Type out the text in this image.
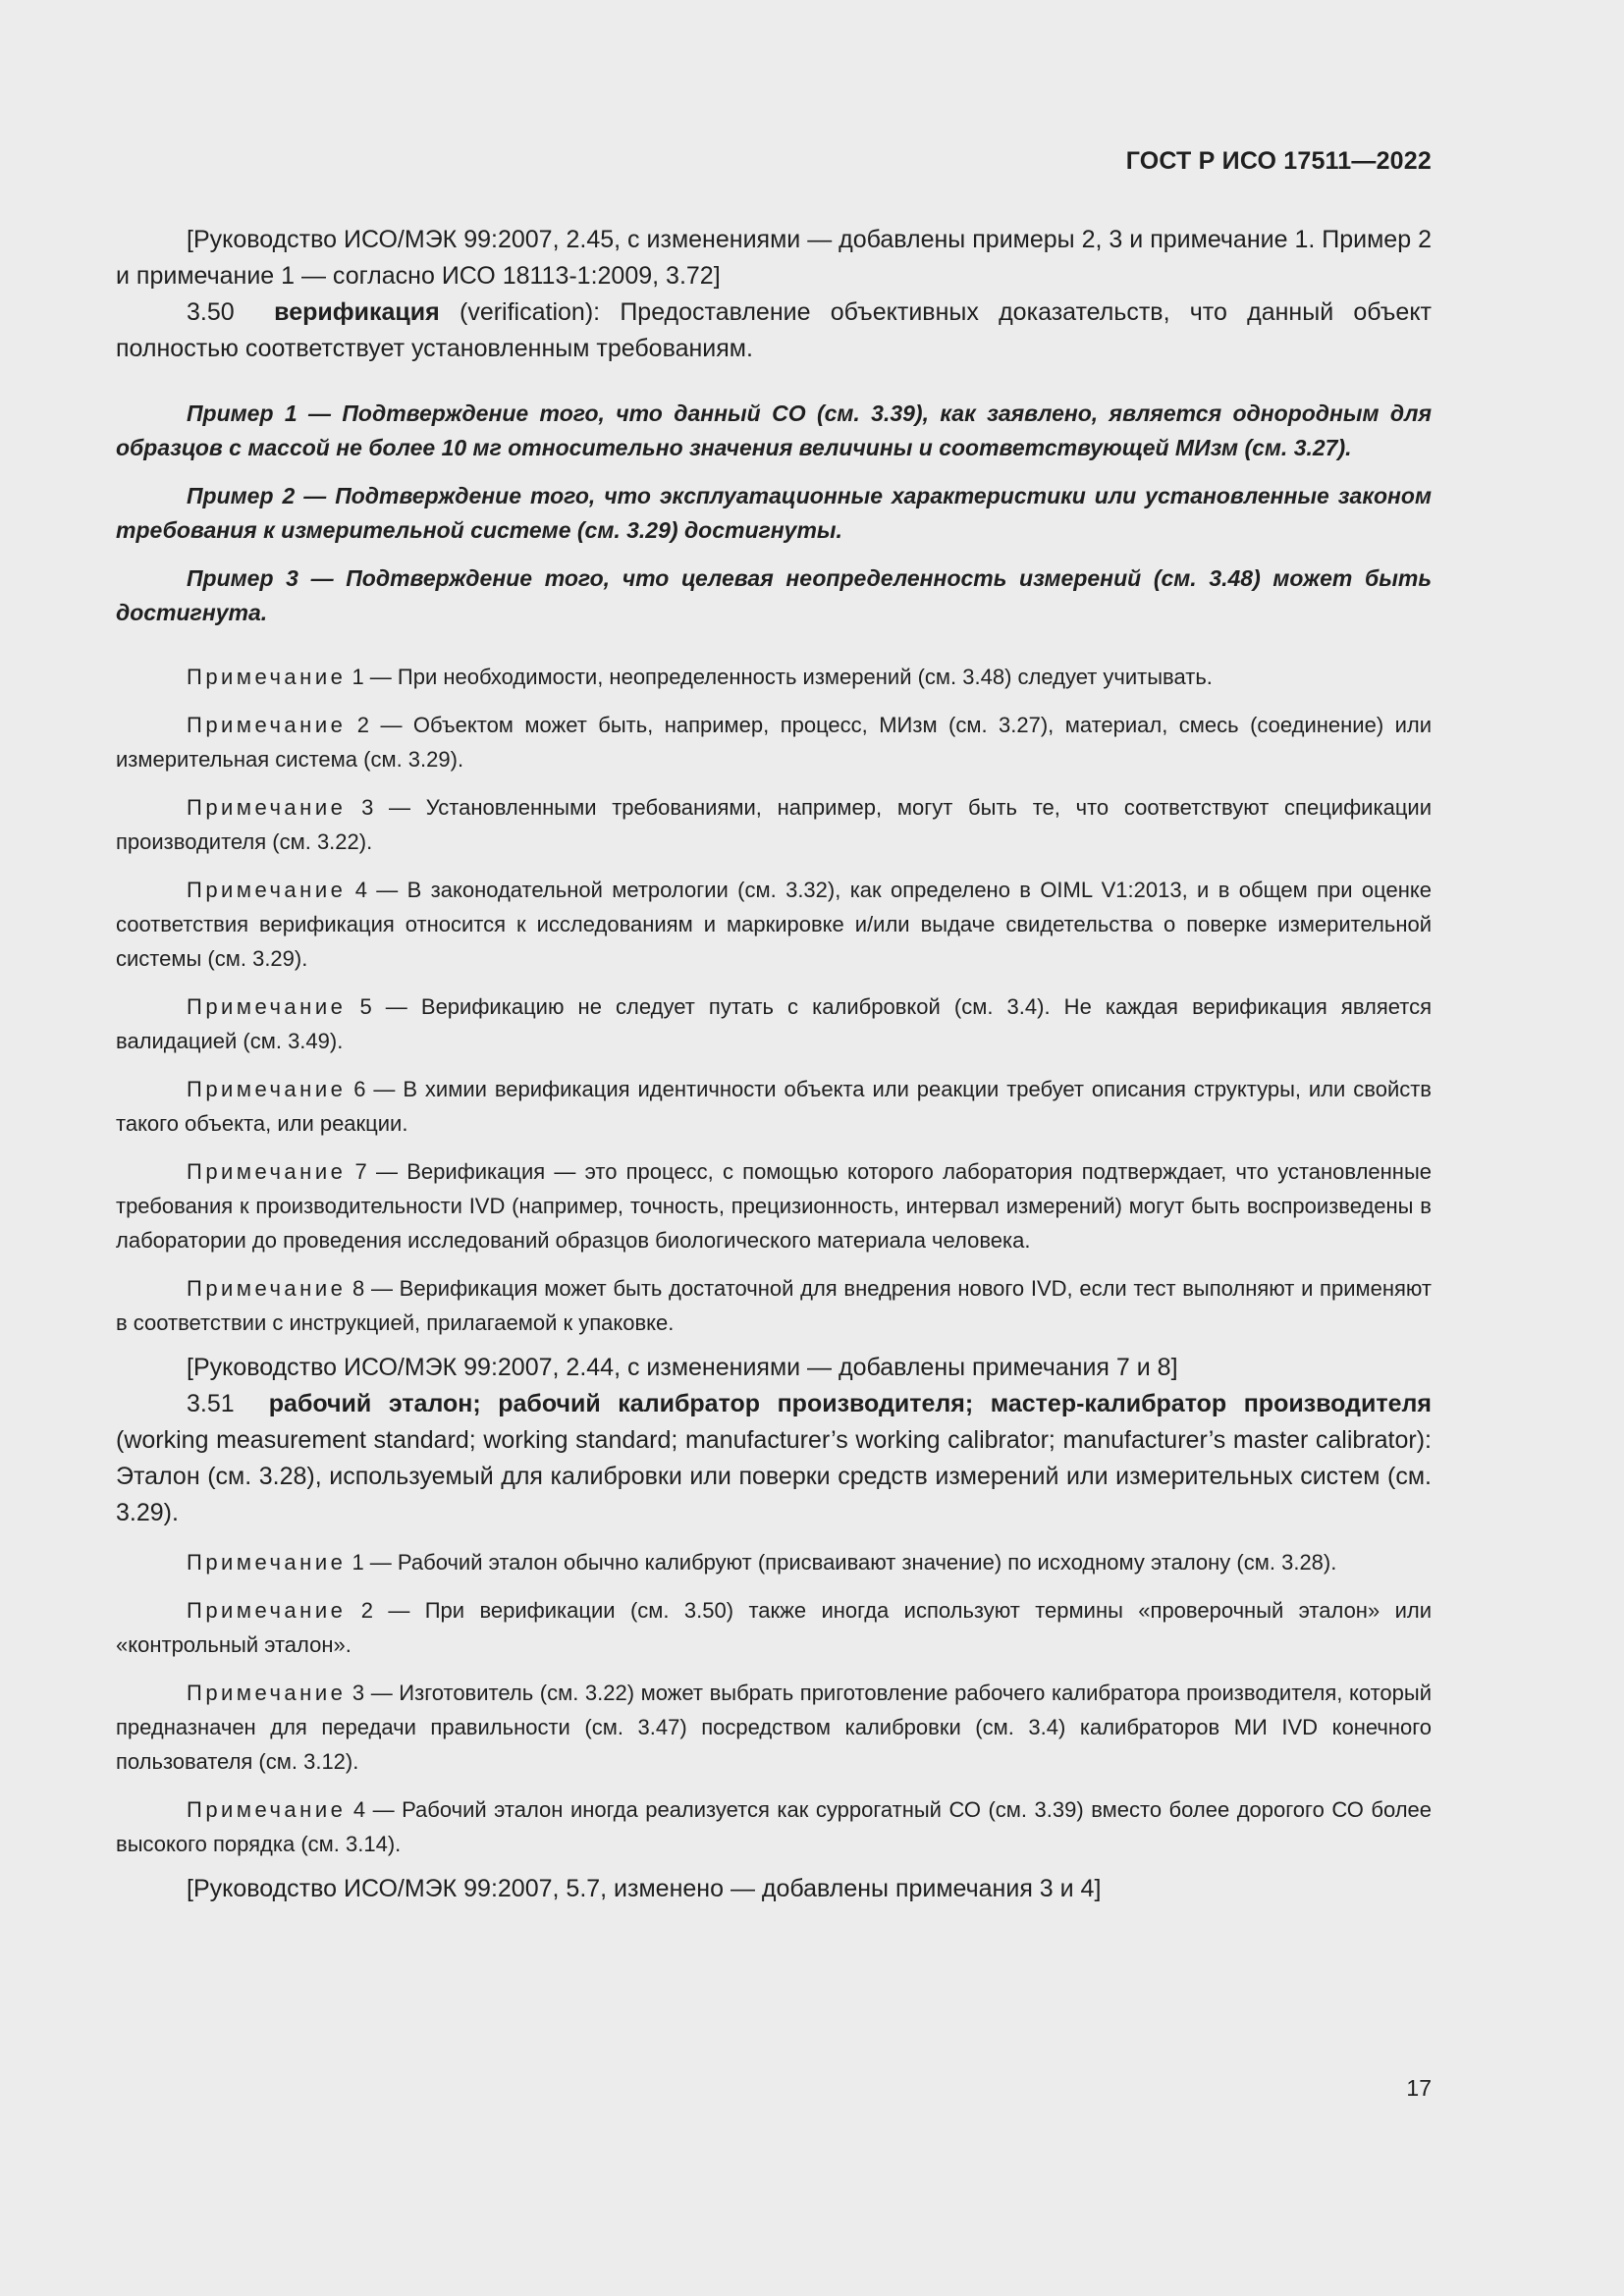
ГОСТ Р ИСО 17511—2022

[Руководство ИСО/МЭК 99:2007, 2.45, с изменениями — добавлены примеры 2, 3 и примечание 1. Пример 2 и примечание 1 — согласно ИСО 18113-1:2009, 3.72]

3.50 верификация (verification): Предоставление объективных доказательств, что данный объект полностью соответствует установленным требованиям.

Пример 1 — Подтверждение того, что данный СО (см. 3.39), как заявлено, является однородным для образцов с массой не более 10 мг относительно значения величины и соответствующей МИзм (см. 3.27).

Пример 2 — Подтверждение того, что эксплуатационные характеристики или установленные законом требования к измерительной системе (см. 3.29) достигнуты.

Пример 3 — Подтверждение того, что целевая неопределенность измерений (см. 3.48) может быть достигнута.

Примечание 1 — При необходимости, неопределенность измерений (см. 3.48) следует учитывать.

Примечание 2 — Объектом может быть, например, процесс, МИзм (см. 3.27), материал, смесь (соединение) или измерительная система (см. 3.29).

Примечание 3 — Установленными требованиями, например, могут быть те, что соответствуют спецификации производителя (см. 3.22).

Примечание 4 — В законодательной метрологии (см. 3.32), как определено в OIML V1:2013, и в общем при оценке соответствия верификация относится к исследованиям и маркировке и/или выдаче свидетельства о поверке измерительной системы (см. 3.29).

Примечание 5 — Верификацию не следует путать с калибровкой (см. 3.4). Не каждая верификация является валидацией (см. 3.49).

Примечание 6 — В химии верификация идентичности объекта или реакции требует описания структуры, или свойств такого объекта, или реакции.

Примечание 7 — Верификация — это процесс, с помощью которого лаборатория подтверждает, что установленные требования к производительности IVD (например, точность, прецизионность, интервал измерений) могут быть воспроизведены в лаборатории до проведения исследований образцов биологического материала человека.

Примечание 8 — Верификация может быть достаточной для внедрения нового IVD, если тест выполняют и применяют в соответствии с инструкцией, прилагаемой к упаковке.

[Руководство ИСО/МЭК 99:2007, 2.44, с изменениями — добавлены примечания 7 и 8]

3.51 рабочий эталон; рабочий калибратор производителя; мастер-калибратор производителя (working measurement standard; working standard; manufacturer’s working calibrator; manufacturer’s master calibrator): Эталон (см. 3.28), используемый для калибровки или поверки средств измерений или измерительных систем (см. 3.29).

Примечание 1 — Рабочий эталон обычно калибруют (присваивают значение) по исходному эталону (см. 3.28).

Примечание 2 — При верификации (см. 3.50) также иногда используют термины «проверочный эталон» или «контрольный эталон».

Примечание 3 — Изготовитель (см. 3.22) может выбрать приготовление рабочего калибратора производителя, который предназначен для передачи правильности (см. 3.47) посредством калибровки (см. 3.4) калибраторов МИ IVD конечного пользователя (см. 3.12).

Примечание 4 — Рабочий эталон иногда реализуется как суррогатный СО (см. 3.39) вместо более дорогого СО более высокого порядка (см. 3.14).

[Руководство ИСО/МЭК 99:2007, 5.7, изменено — добавлены примечания 3 и 4]

17
